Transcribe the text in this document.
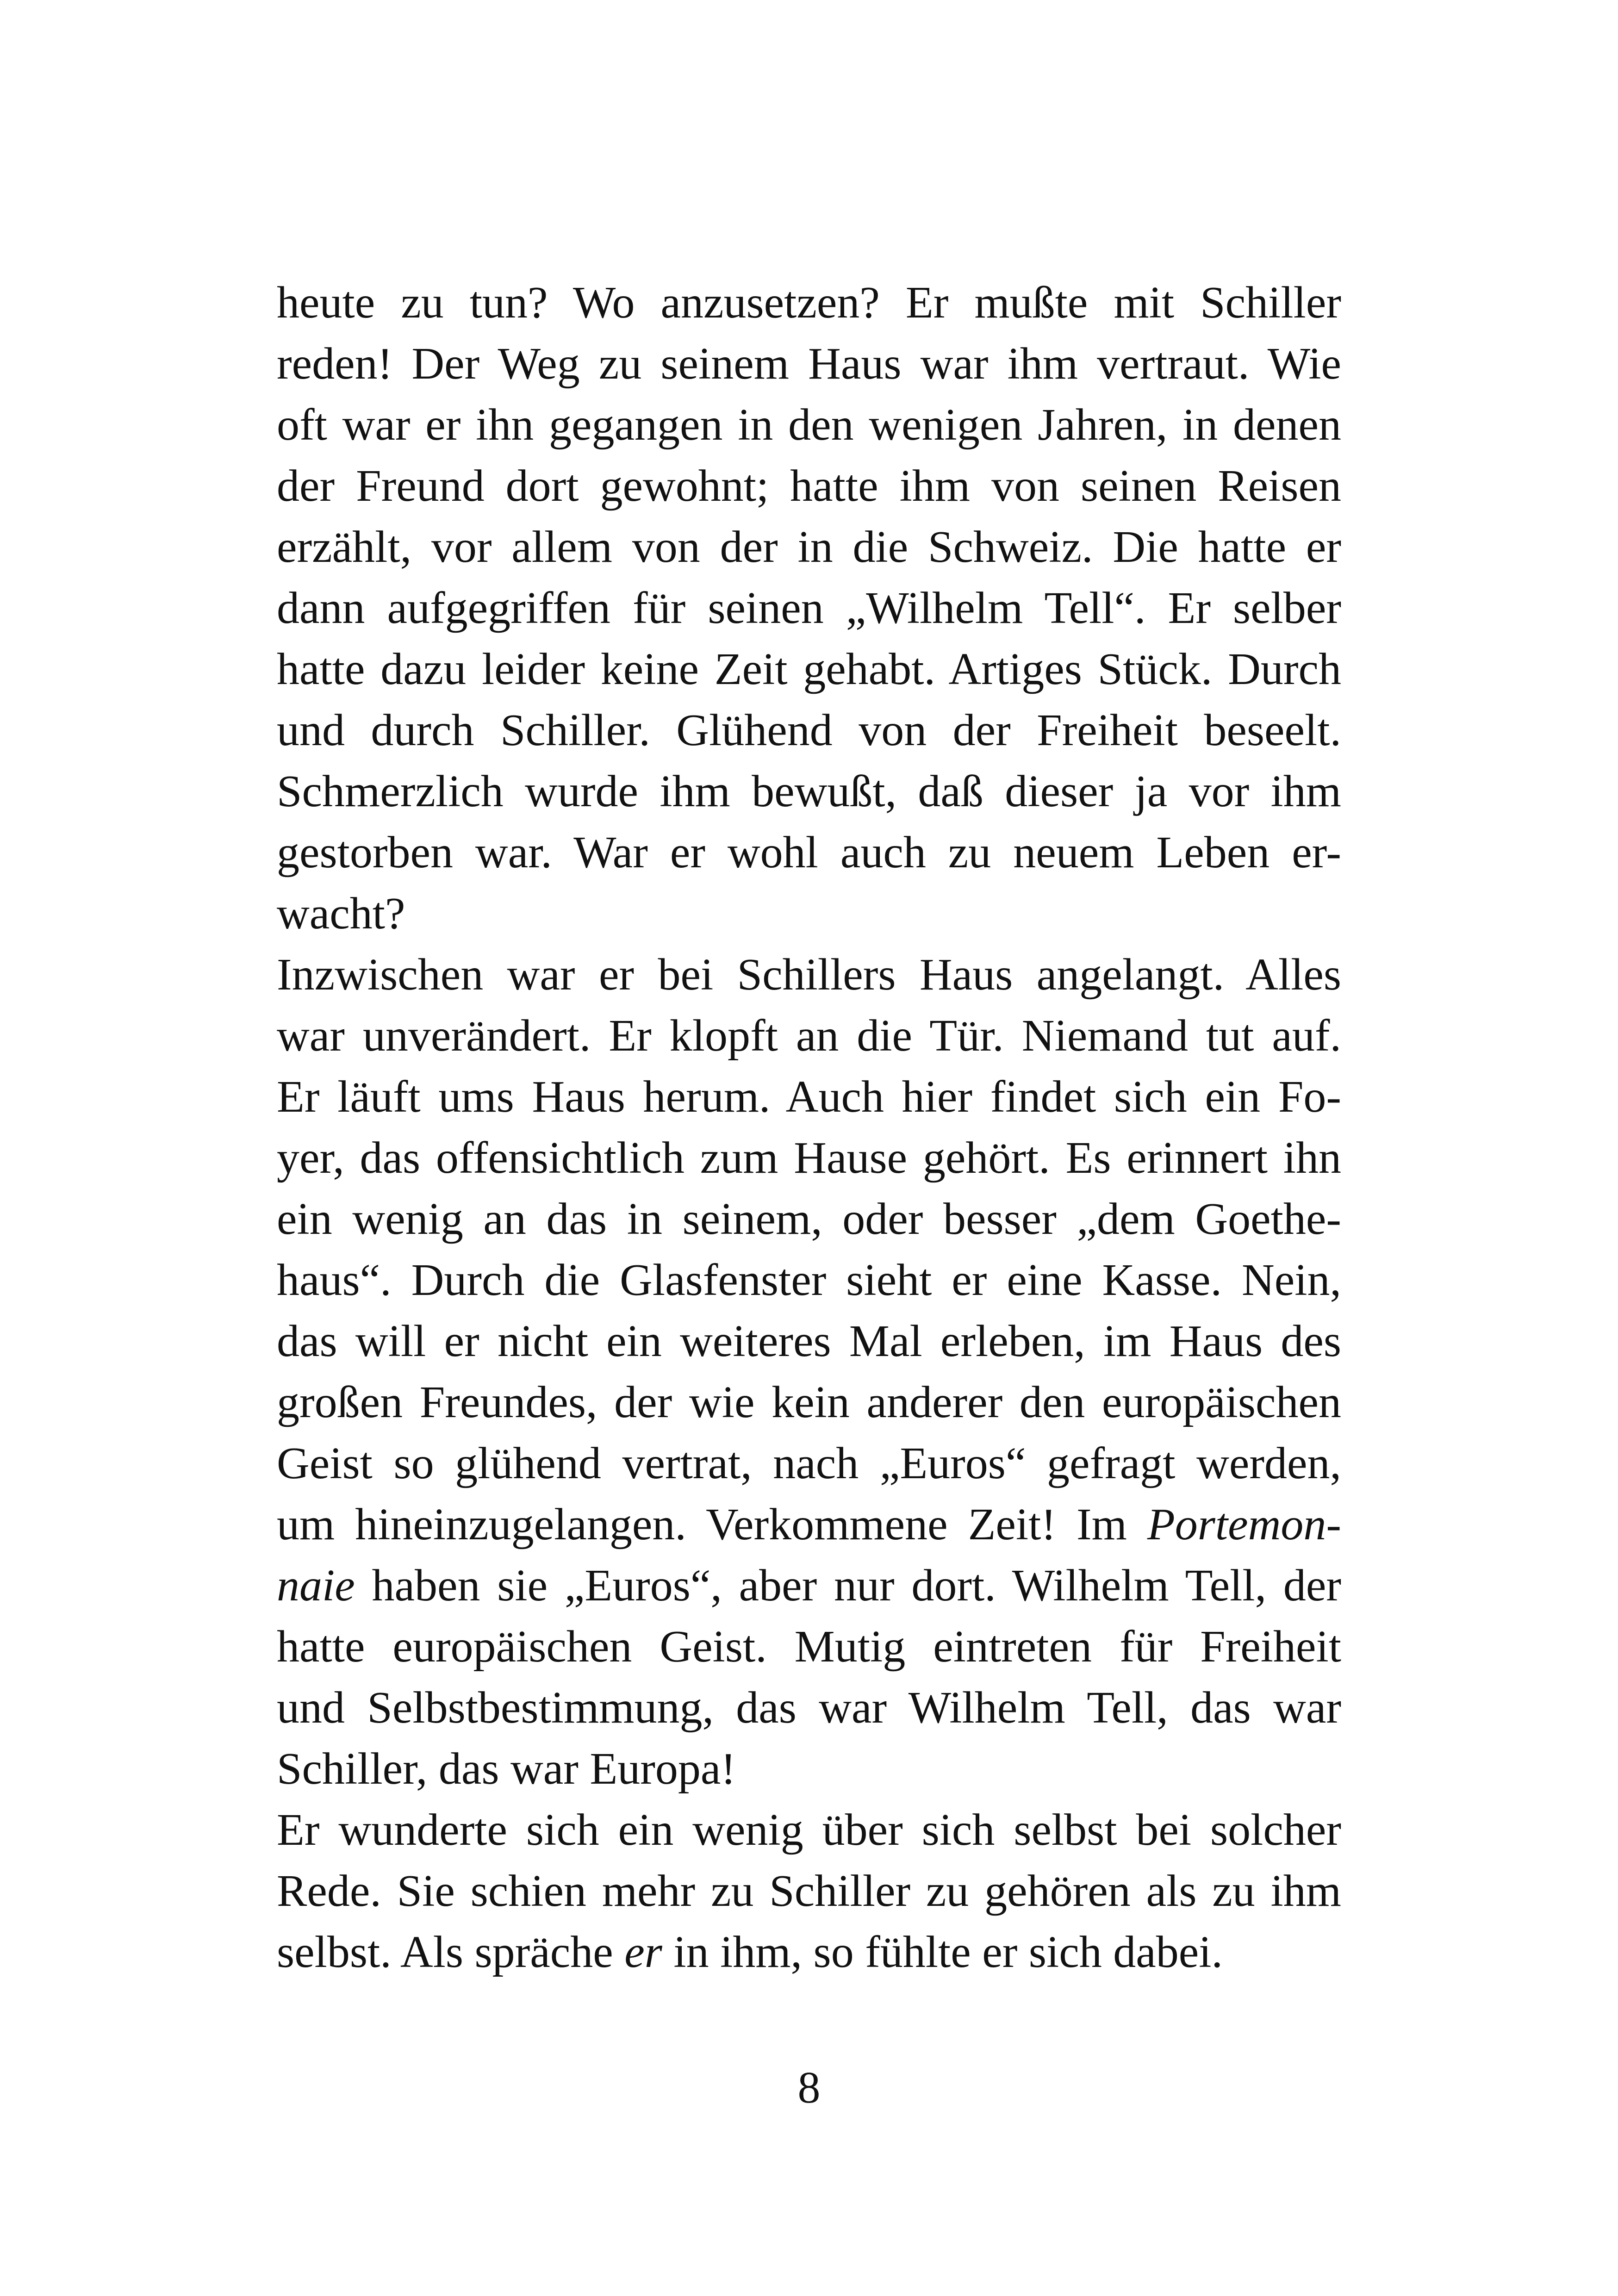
heute zu tun? Wo anzusetzen? Er mußte mit Schiller
reden! Der Weg zu seinem Haus war ihm vertraut. Wie
oft war er ihn gegangen in den wenigen Jahren, in denen
der Freund dort gewohnt; hatte ihm von seinen Reisen
erzählt, vor allem von der in die Schweiz. Die hatte er
dann aufgegriffen für seinen „Wilhelm Tell“. Er selber
hatte dazu leider keine Zeit gehabt. Artiges Stück. Durch
und durch Schiller. Glühend von der Freiheit beseelt.
Schmerzlich wurde ihm bewußt, daß dieser ja vor ihm
gestorben war. War er wohl auch zu neuem Leben er-
wacht?
Inzwischen war er bei Schillers Haus angelangt. Alles
war unverändert. Er klopft an die Tür. Niemand tut auf.
Er läuft ums Haus herum. Auch hier findet sich ein Fo-
yer, das offensichtlich zum Hause gehört. Es erinnert ihn
ein wenig an das in seinem, oder besser „dem Goethe-
haus“. Durch die Glasfenster sieht er eine Kasse. Nein,
das will er nicht ein weiteres Mal erleben, im Haus des
großen Freundes, der wie kein anderer den europäischen
Geist so glühend vertrat, nach „Euros“ gefragt werden,
um hineinzugelangen. Verkommene Zeit! Im Portemon-
naie haben sie „Euros“, aber nur dort. Wilhelm Tell, der
hatte europäischen Geist. Mutig eintreten für Freiheit
und Selbstbestimmung, das war Wilhelm Tell, das war
Schiller, das war Europa!
Er wunderte sich ein wenig über sich selbst bei solcher
Rede. Sie schien mehr zu Schiller zu gehören als zu ihm
selbst. Als spräche er in ihm, so fühlte er sich dabei.
8
